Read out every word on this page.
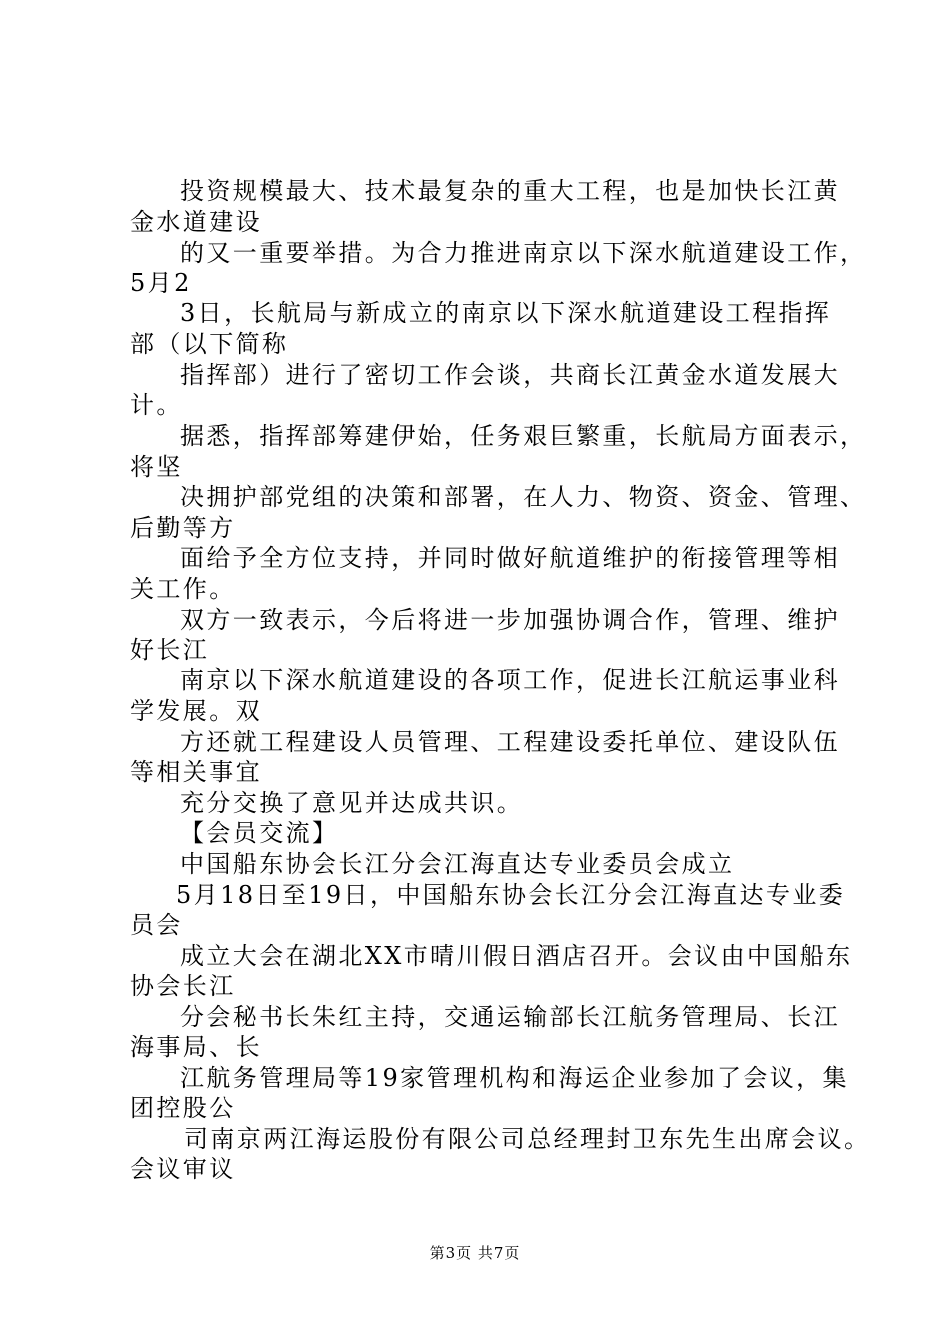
投资规模最大、技术最复杂的重大工程，也是加快长江黄
金水道建设
的又一重要举措。为合力推进南京以下深水航道建设工作，
5月2
3日，长航局与新成立的南京以下深水航道建设工程指挥
部（以下简称
指挥部）进行了密切工作会谈，共商长江黄金水道发展大
计。
据悉，指挥部筹建伊始，任务艰巨繁重，长航局方面表示，
将坚
决拥护部党组的决策和部署，在人力、物资、资金、管理、
后勤等方
面给予全方位支持，并同时做好航道维护的衔接管理等相
关工作。
双方一致表示，今后将进一步加强协调合作，管理、维护
好长江
南京以下深水航道建设的各项工作，促进长江航运事业科
学发展。双
方还就工程建设人员管理、工程建设委托单位、建设队伍
等相关事宜
充分交换了意见并达成共识。
【会员交流】
中国船东协会长江分会江海直达专业委员会成立
5月18日至19日，中国船东协会长江分会江海直达专业委
员会
成立大会在湖北XX市晴川假日酒店召开。会议由中国船东
协会长江
分会秘书长朱红主持，交通运输部长江航务管理局、长江
海事局、长
江航务管理局等19家管理机构和海运企业参加了会议，集
团控股公
司南京两江海运股份有限公司总经理封卫东先生出席会议。
会议审议
第3页 共7页
